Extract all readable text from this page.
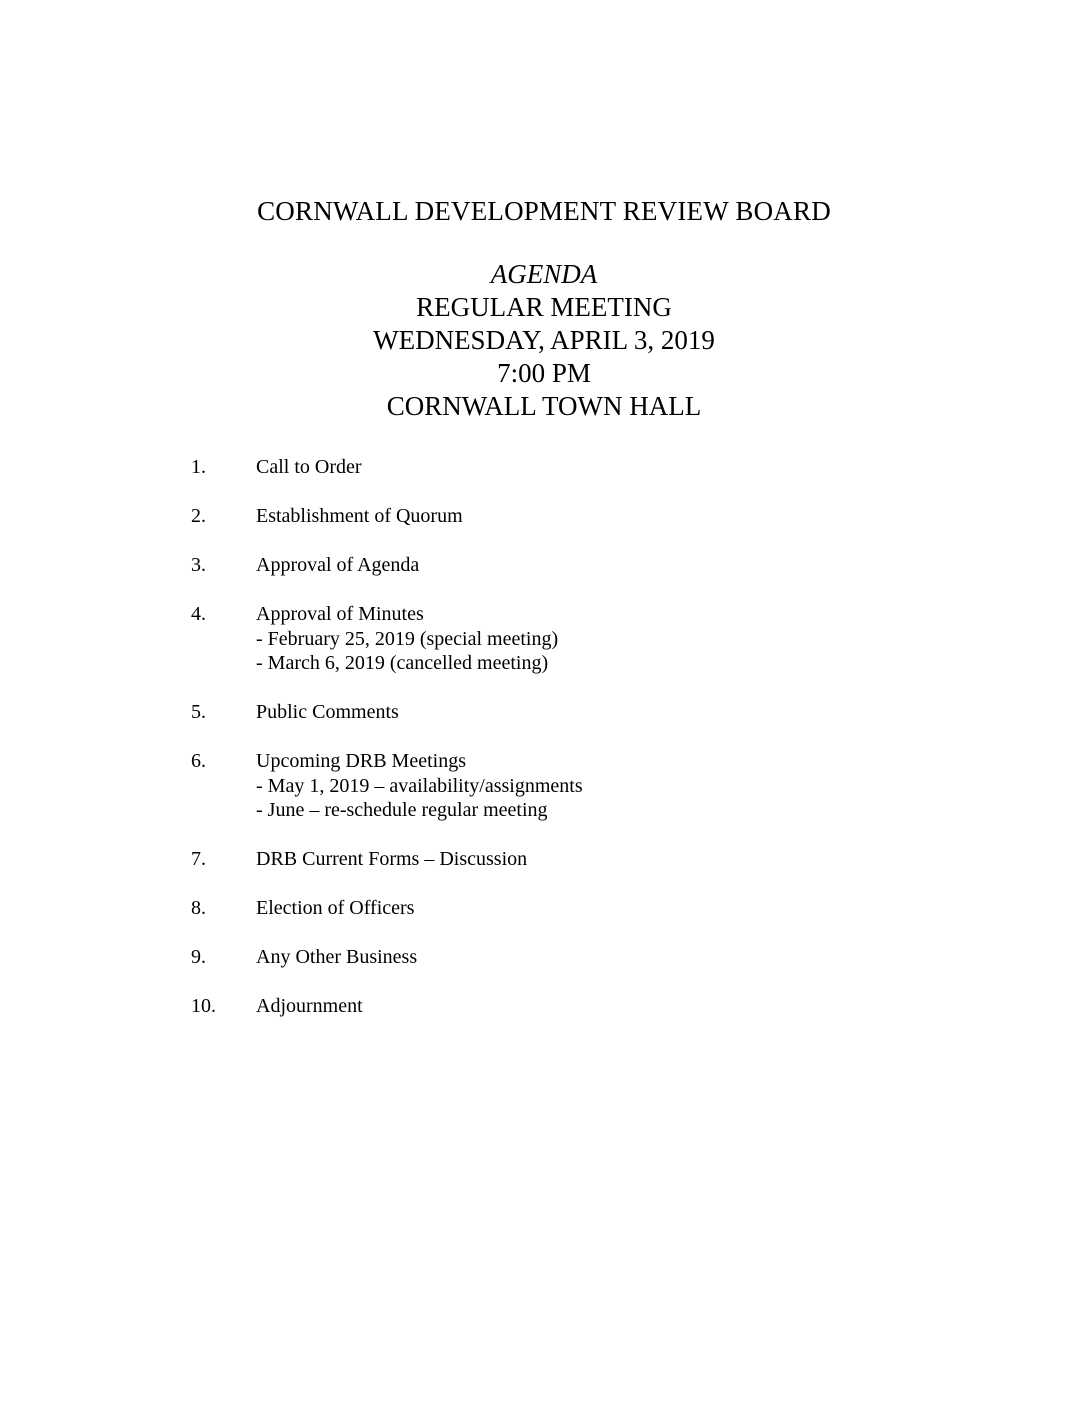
CORNWALL DEVELOPMENT REVIEW BOARD
AGENDA
REGULAR MEETING
WEDNESDAY, APRIL 3, 2019
7:00 PM
CORNWALL TOWN HALL
1.	Call to Order
2.	Establishment of Quorum
3.	Approval of Agenda
4.	Approval of Minutes
- February 25, 2019 (special meeting)
- March 6, 2019 (cancelled meeting)
5.	Public Comments
6.	Upcoming DRB Meetings
- May 1, 2019 – availability/assignments
- June – re-schedule regular meeting
7.	DRB Current Forms – Discussion
8.	Election of Officers
9.	Any Other Business
10. Adjournment
